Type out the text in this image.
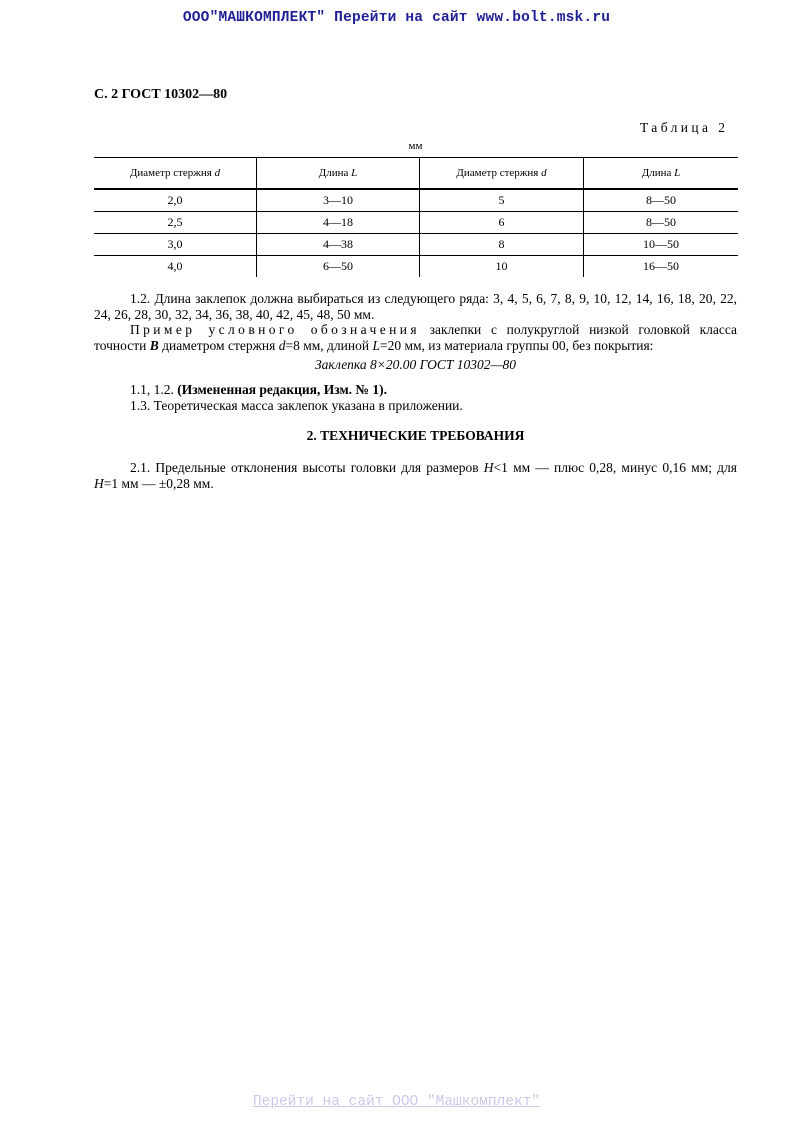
ООО"МАШКОМПЛЕКТ" Перейти на сайт www.bolt.msk.ru
С. 2 ГОСТ 10302—80
Таблица 2
мм
Диаметр стержня d	Длина L	Диаметр стержня d	Длина L
2,0	3—10	5	8—50
2,5	4—18	6	8—50
3,0	4—38	8	10—50
4,0	6—50	10	16—50

1.2. Длина заклепок должна выбираться из следующего ряда: 3, 4, 5, 6, 7, 8, 9, 10, 12, 14, 16, 18, 20, 22, 24, 26, 28, 30, 32, 34, 36, 38, 40, 42, 45, 48, 50 мм.

Пример условного обозначения заклепки с полукруглой низкой головкой класса точности B диаметром стержня d=8 мм, длиной L=20 мм, из материала группы 00, без покрытия:

Заклепка 8×20.00 ГОСТ 10302—80

1.1, 1.2. (Измененная редакция, Изм. № 1).

1.3. Теоретическая масса заклепок указана в приложении.

2. ТЕХНИЧЕСКИЕ ТРЕБОВАНИЯ

2.1. Предельные отклонения высоты головки для размеров H<1 мм — плюс 0,28, минус 0,16 мм; для H=1 мм — ±0,28 мм.

Перейти на сайт ООО "Машкомплект"
